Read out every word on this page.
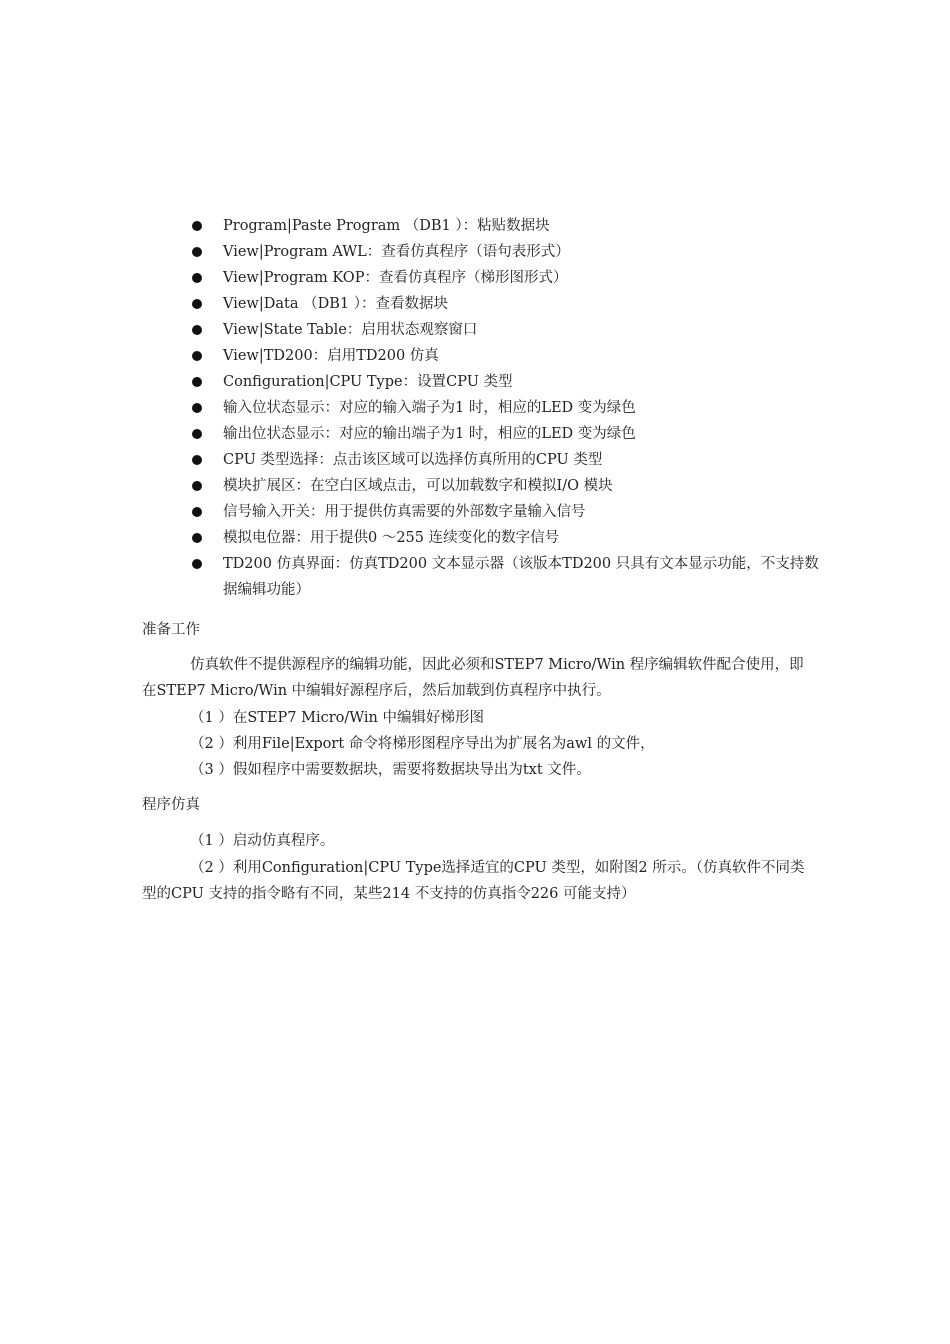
Program|Paste Program （DB1 ）：粘贴数据块
View|Program AWL：查看仿真程序（语句表形式）
View|Program KOP：查看仿真程序（梯形图形式）
View|Data （DB1 ）：查看数据块
View|State Table：启用状态观察窗口
View|TD200：启用TD200 仿真
Configuration|CPU Type：设置CPU 类型
输入位状态显示：对应的输入端子为1 时，相应的LED 变为绿色
输出位状态显示：对应的输出端子为1 时，相应的LED 变为绿色
CPU 类型选择：点击该区域可以选择仿真所用的CPU 类型
模块扩展区：在空白区域点击，可以加载数字和模拟I/O 模块
信号输入开关：用于提供仿真需要的外部数字量输入信号
模拟电位器：用于提供0 ～255 连续变化的数字信号
TD200 仿真界面：仿真TD200 文本显示器（该版本TD200 只具有文本显示功能，不支持数据编辑功能）
准备工作

仿真软件不提供源程序的编辑功能，因此必须和STEP7 Micro/Win 程序编辑软件配合使用，即在STEP7 Micro/Win 中编辑好源程序后，然后加载到仿真程序中执行。

（1 ）在STEP7 Micro/Win 中编辑好梯形图
（2 ）利用File|Export 命令将梯形图程序导出为扩展名为awl 的文件，
（3 ）假如程序中需要数据块，需要将数据块导出为txt 文件。
程序仿真
（1 ）启动仿真程序。

（2 ）利用Configuration|CPU Type选择适宜的CPU 类型，如附图2 所示。（仿真软件不同类型的CPU 支持的指令略有不同，某些214 不支持的仿真指令226 可能支持）
